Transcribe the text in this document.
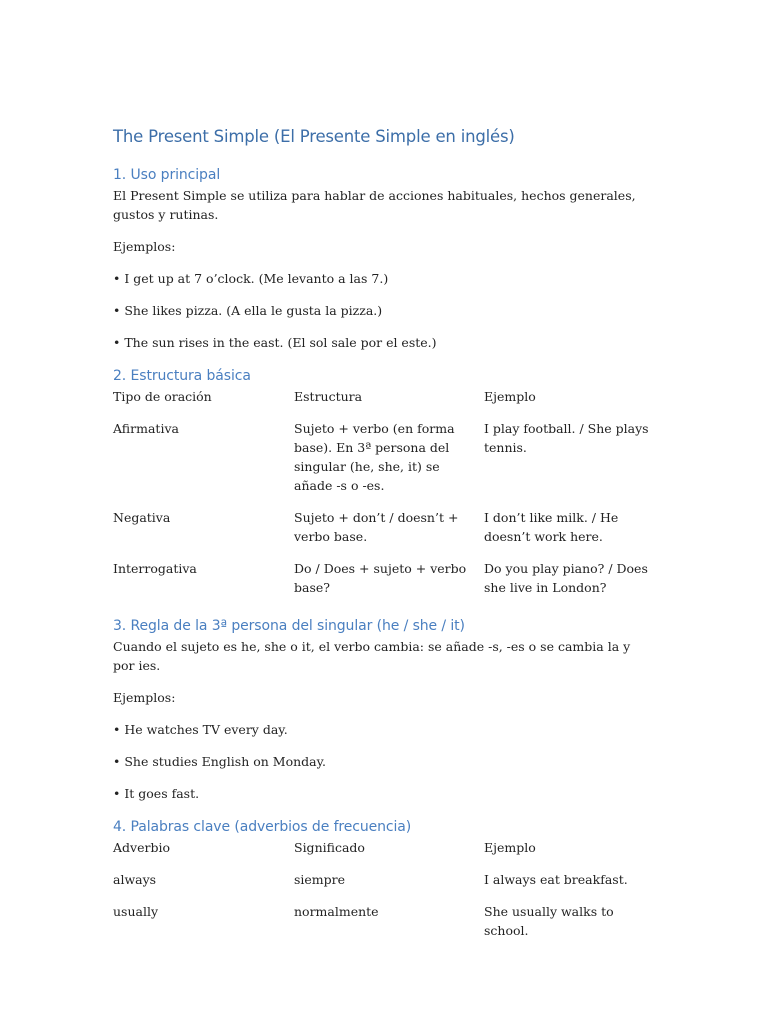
The Present Simple (El Presente Simple en inglés)
1. Uso principal

El Present Simple se utiliza para hablar de acciones habituales, hechos generales, gustos y rutinas.

Ejemplos:

• I get up at 7 o’clock. (Me levanto a las 7.)

• She likes pizza. (A ella le gusta la pizza.)

• The sun rises in the east. (El sol sale por el este.)

2. Estructura básica
Tipo de oración	Estructura	Ejemplo

Afirmativa	Sujeto + verbo (en forma base). En 3ª persona del singular (he, she, it) se añade -s o -es.	I play football. / She plays tennis.

Negativa	Sujeto + don’t / doesn’t + verbo base.	I don’t like milk. / He doesn’t work here.

Interrogativa	Do / Does + sujeto + verbo base?	Do you play piano? / Does she live in London?
3. Regla de la 3ª persona del singular (he / she / it)

Cuando el sujeto es he, she o it, el verbo cambia: se añade -s, -es o se cambia la y por ies.

Ejemplos:

• He watches TV every day.

• She studies English on Monday.

• It goes fast.

4. Palabras clave (adverbios de frecuencia)
Adverbio	Significado	Ejemplo

always	siempre	I always eat breakfast.

usually	normalmente	She usually walks to school.
